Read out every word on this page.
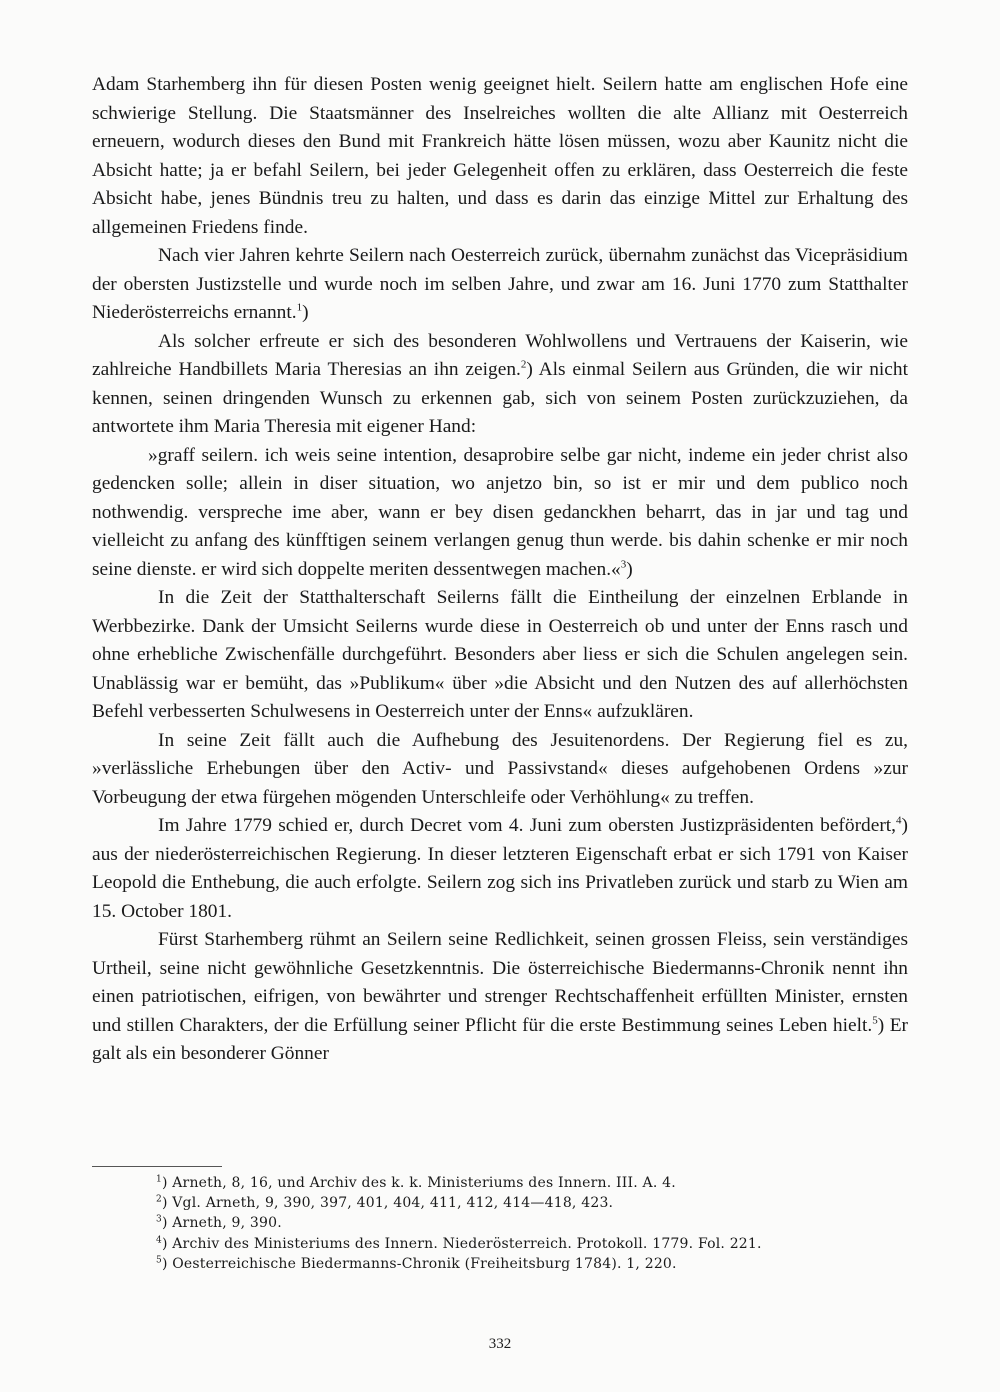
Adam Starhemberg ihn für diesen Posten wenig geeignet hielt. Seilern hatte am englischen Hofe eine schwierige Stellung. Die Staatsmänner des Inselreiches wollten die alte Allianz mit Oesterreich erneuern, wodurch dieses den Bund mit Frankreich hätte lösen müssen, wozu aber Kaunitz nicht die Absicht hatte; ja er befahl Seilern, bei jeder Gelegenheit offen zu erklären, dass Oesterreich die feste Absicht habe, jenes Bündnis treu zu halten, und dass es darin das einzige Mittel zur Erhaltung des allgemeinen Friedens finde.

Nach vier Jahren kehrte Seilern nach Oesterreich zurück, übernahm zunächst das Vicepräsidium der obersten Justizstelle und wurde noch im selben Jahre, und zwar am 16. Juni 1770 zum Statthalter Niederösterreichs ernannt.$^1$)

Als solcher erfreute er sich des besonderen Wohlwollens und Vertrauens der Kaiserin, wie zahlreiche Handbillets Maria Theresias an ihn zeigen.$^2$) Als einmal Seilern aus Gründen, die wir nicht kennen, seinen dringenden Wunsch zu erkennen gab, sich von seinem Posten zurückzuziehen, da antwortete ihm Maria Theresia mit eigener Hand:

»graff seilern. ich weis seine intention, desaprobire selbe gar nicht, indeme ein jeder christ also gedencken solle; allein in diser situation, wo anjetzo bin, so ist er mir und dem publico noch nothwendig. verspreche ime aber, wann er bey disen gedanckhen beharrt, das in jar und tag und vielleicht zu anfang des künfftigen seinem verlangen genug thun werde. bis dahin schenke er mir noch seine dienste. er wird sich doppelte meriten dessentwegen machen.«$^3$)

In die Zeit der Statthalterschaft Seilerns fällt die Eintheilung der einzelnen Erblande in Werbbezirke. Dank der Umsicht Seilerns wurde diese in Oesterreich ob und unter der Enns rasch und ohne erhebliche Zwischenfälle durchgeführt. Besonders aber liess er sich die Schulen angelegen sein. Unablässig war er bemüht, das »Publikum« über »die Absicht und den Nutzen des auf allerhöchsten Befehl verbesserten Schulwesens in Oesterreich unter der Enns« aufzuklären.

In seine Zeit fällt auch die Aufhebung des Jesuitenordens. Der Regierung fiel es zu, »verlässliche Erhebungen über den Activ- und Passivstand« dieses aufgehobenen Ordens »zur Vorbeugung der etwa fürgehen mögenden Unterschleife oder Verhöhlung« zu treffen.

Im Jahre 1779 schied er, durch Decret vom 4. Juni zum obersten Justizpräsidenten befördert,$^4$) aus der niederösterreichischen Regierung. In dieser letzteren Eigenschaft erbat er sich 1791 von Kaiser Leopold die Enthebung, die auch erfolgte. Seilern zog sich ins Privatleben zurück und starb zu Wien am 15. October 1801.

Fürst Starhemberg rühmt an Seilern seine Redlichkeit, seinen grossen Fleiss, sein verständiges Urtheil, seine nicht gewöhnliche Gesetzkenntnis. Die österreichische Biedermanns-Chronik nennt ihn einen patriotischen, eifrigen, von bewährter und strenger Rechtschaffenheit erfüllten Minister, ernsten und stillen Charakters, der die Erfüllung seiner Pflicht für die erste Bestimmung seines Leben hielt.$^5$) Er galt als ein besonderer Gönner

$^1$) Arneth, 8, 16, und Archiv des k. k. Ministeriums des Innern. III. A. 4.
$^2$) Vgl. Arneth, 9, 390, 397, 401, 404, 411, 412, 414—418, 423.
$^3$) Arneth, 9, 390.
$^4$) Archiv des Ministeriums des Innern. Niederösterreich. Protokoll. 1779. Fol. 221.
$^5$) Oesterreichische Biedermanns-Chronik (Freiheitsburg 1784). 1, 220.
332
